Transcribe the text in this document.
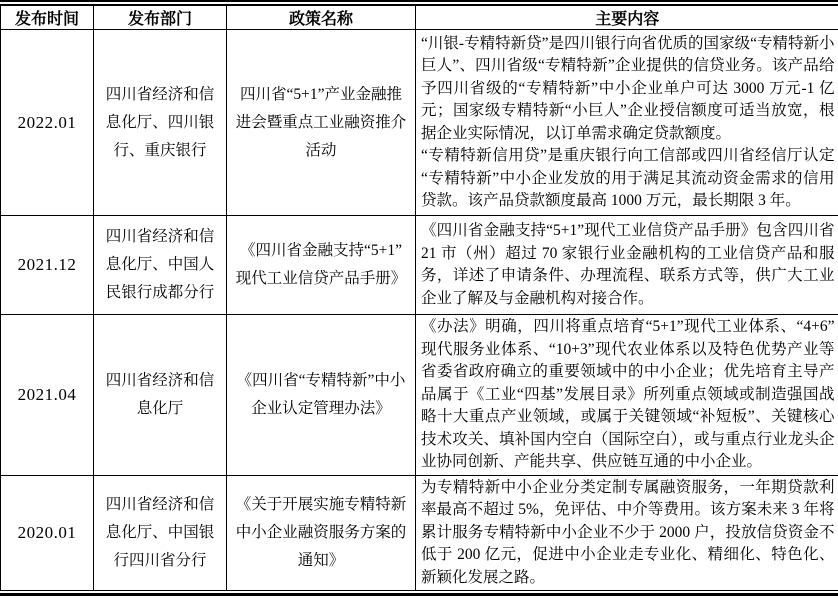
发布时间	发布部门	政策名称	主要内容
2022.01	四川省经济和信息化厅、四川银行、重庆银行	四川省“5+1”产业金融推进会暨重点工业融资推介活动	“川银-专精特新贷”是四川银行向省优质的国家级“专精特新小巨人”、四川省级“专精特新”企业提供的信贷业务。该产品给予四川省级的“专精特新”中小企业单户可达 3000 万元-1 亿元；国家级专精特新“小巨人”企业授信额度可适当放宽，根据企业实际情况，以订单需求确定贷款额度。

“专精特新信用贷”是重庆银行向工信部或四川省经信厅认定“专精特新”中小企业发放的用于满足其流动资金需求的信用贷款。该产品贷款额度最高 1000 万元，最长期限 3 年。

2021.12	四川省经济和信息化厅、中国人民银行成都分行	《四川省金融支持“5+1”现代工业信贷产品手册》	《四川省金融支持“5+1”现代工业信贷产品手册》包含四川省 21 市（州）超过 70 家银行业金融机构的工业信贷产品和服务，详述了申请条件、办理流程、联系方式等，供广大工业企业了解及与金融机构对接合作。

2021.04	四川省经济和信息化厅	《四川省“专精特新”中小企业认定管理办法》	《办法》明确，四川将重点培育“5+1”现代工业体系、“4+6”现代服务业体系、“10+3”现代农业体系以及特色优势产业等省委省政府确立的重要领域中的中小企业；优先培育主导产品属于《工业“四基”发展目录》所列重点领域或制造强国战略十大重点产业领域，或属于关键领域“补短板”、关键核心技术攻关、填补国内空白（国际空白），或与重点行业龙头企业协同创新、产能共享、供应链互通的中小企业。

2020.01	四川省经济和信息化厅、中国银行四川省分行	《关于开展实施专精特新中小企业融资服务方案的通知》	为专精特新中小企业分类定制专属融资服务，一年期贷款利率最高不超过 5%，免评估、中介等费用。该方案未来 3 年将累计服务专精特新中小企业不少于 2000 户，投放信贷资金不低于 200 亿元，促进中小企业走专业化、精细化、特色化、新颖化发展之路。
